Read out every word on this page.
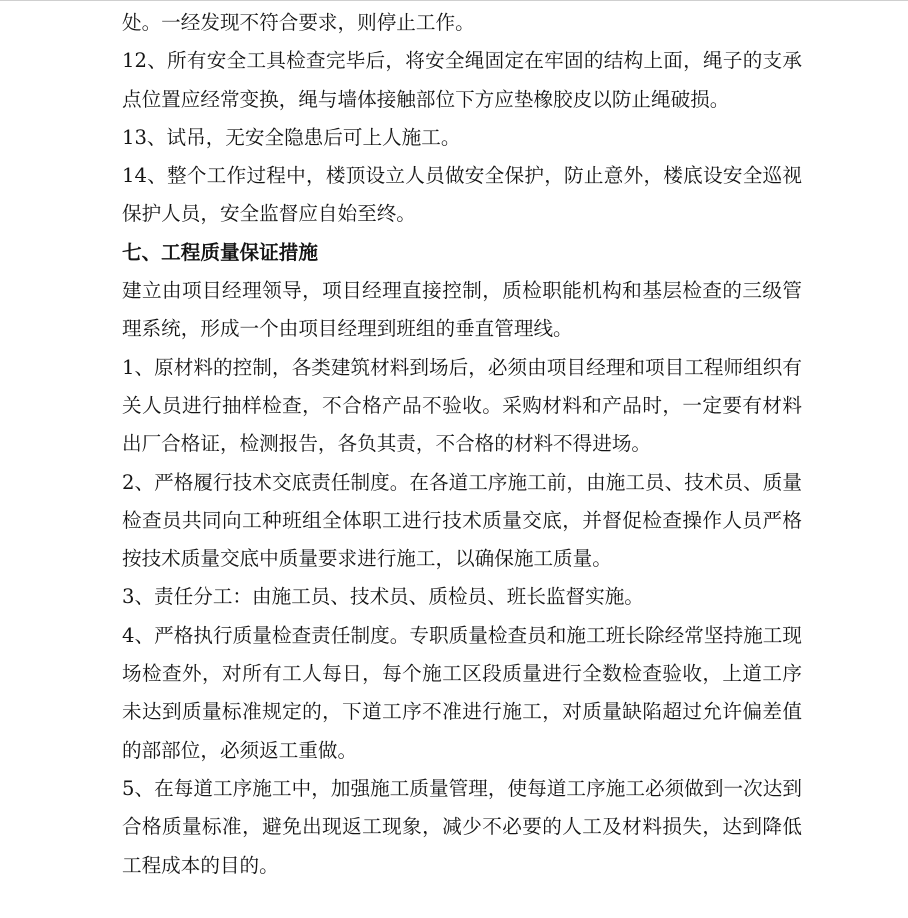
处。一经发现不符合要求，则停止工作。

12、所有安全工具检查完毕后，将安全绳固定在牢固的结构上面，绳子的支承点位置应经常变换，绳与墙体接触部位下方应垫橡胶皮以防止绳破损。

13、试吊，无安全隐患后可上人施工。

14、整个工作过程中，楼顶设立人员做安全保护，防止意外，楼底设安全巡视保护人员，安全监督应自始至终。

七、工程质量保证措施

建立由项目经理领导，项目经理直接控制，质检职能机构和基层检查的三级管理系统，形成一个由项目经理到班组的垂直管理线。

1、原材料的控制，各类建筑材料到场后，必须由项目经理和项目工程师组织有关人员进行抽样检查，不合格产品不验收。采购材料和产品时，一定要有材料出厂合格证，检测报告，各负其责，不合格的材料不得进场。

2、严格履行技术交底责任制度。在各道工序施工前，由施工员、技术员、质量检查员共同向工种班组全体职工进行技术质量交底，并督促检查操作人员严格按技术质量交底中质量要求进行施工，以确保施工质量。

3、责任分工：由施工员、技术员、质检员、班长监督实施。

4、严格执行质量检查责任制度。专职质量检查员和施工班长除经常坚持施工现场检查外，对所有工人每日，每个施工区段质量进行全数检查验收，上道工序未达到质量标准规定的，下道工序不准进行施工，对质量缺陷超过允许偏差值的部部位，必须返工重做。

5、在每道工序施工中，加强施工质量管理，使每道工序施工必须做到一次达到合格质量标准，避免出现返工现象，减少不必要的人工及材料损失，达到降低工程成本的目的。
